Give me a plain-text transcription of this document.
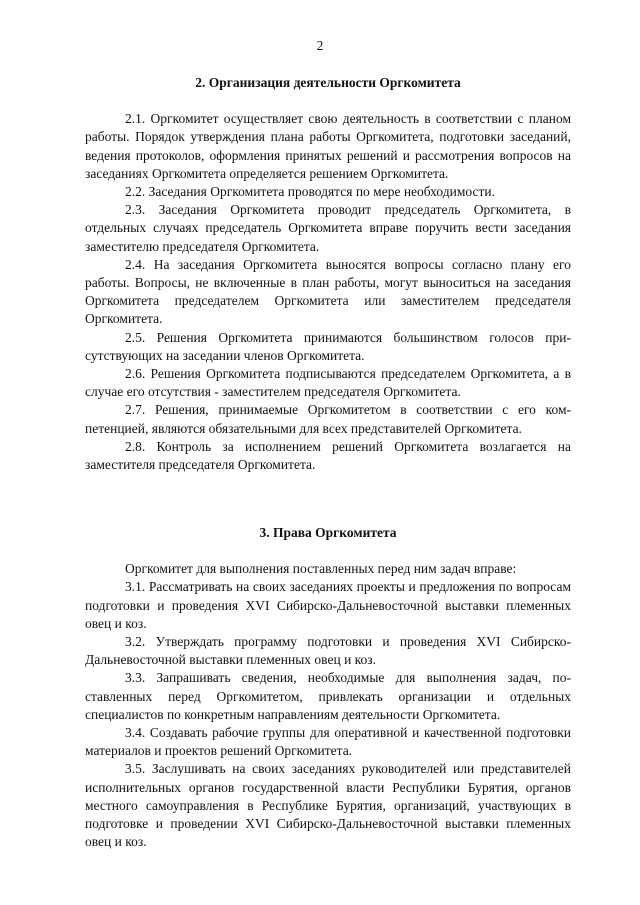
2
2. Организация деятельности Оргкомитета

2.1. Оргкомитет осуществляет свою деятельность в соответствии с планом работы. Порядок утверждения плана работы Оргкомитета, подготовки заседаний, ведения протоколов, оформления принятых решений и рассмотрения вопросов на заседаниях Оргкомитета определяется решением Оргкомитета.

2.2. Заседания Оргкомитета проводятся по мере необходимости.

2.3. Заседания Оргкомитета проводит председатель Оргкомитета, в отдельных случаях председатель Оргкомитета вправе поручить вести заседания заместителю председателя Оргкомитета.

2.4. На заседания Оргкомитета выносятся вопросы согласно плану его работы. Вопросы, не включенные в план работы, могут выноситься на заседания Оргкомитета председателем Оргкомитета или заместителем председателя Оргкомитета.

2.5. Решения Оргкомитета принимаются большинством голосов присутствующих на заседании членов Оргкомитета.

2.6. Решения Оргкомитета подписываются председателем Оргкомитета, а в случае его отсутствия - заместителем председателя Оргкомитета.

2.7. Решения, принимаемые Оргкомитетом в соответствии с его компетенцией, являются обязательными для всех представителей Оргкомитета.

2.8. Контроль за исполнением решений Оргкомитета возлагается на заместителя председателя Оргкомитета.

3. Права Оргкомитета

Оргкомитет для выполнения поставленных перед ним задач вправе:

3.1. Рассматривать на своих заседаниях проекты и предложения по вопросам подготовки и проведения XVI Сибирско-Дальневосточной выставки племенных овец и коз.

3.2. Утверждать программу подготовки и проведения XVI Сибирско-Дальневосточной выставки племенных овец и коз.

3.3. Запрашивать сведения, необходимые для выполнения задач, поставленных перед Оргкомитетом, привлекать организации и отдельных специалистов по конкретным направлениям деятельности Оргкомитета.

3.4. Создавать рабочие группы для оперативной и качественной подготовки материалов и проектов решений Оргкомитета.

3.5. Заслушивать на своих заседаниях руководителей или представителей исполнительных органов государственной власти Республики Бурятия, органов местного самоуправления в Республике Бурятия, организаций, участвующих в подготовке и проведении XVI Сибирско-Дальневосточной выставки племенных овец и коз.
